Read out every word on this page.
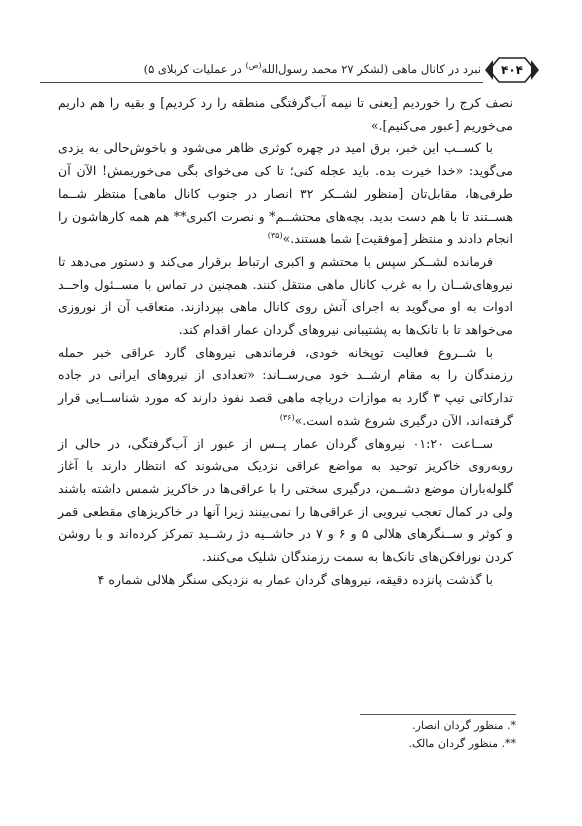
نبرد در کانال ماهی (لشکر ۲۷ محمد رسول‌الله$^{(ص)}$ در عملیات کربلای ۵)	۴۰۴

نصف کرج را خوردیم [یعنی تا نیمه آب‌گرفتگی منطقه را رد کردیم] و بقیه را هم داریم می‌خوریم [عبور می‌کنیم].»

با کســب این خبر، برق امید در چهره کوثری ظاهر می‌شود و باخوش‌حالی به یزدی می‌گوید: «خدا خیرت بده. باید عجله کنی؛ تا کی می‌خوای بگی می‌خوریمش! الآن آن طرفی‌ها، مقابل‌تان [منظور لشــکر ۳۲ انصار در جنوب کانال ماهی] منتظر شــما هســتند تا با هم دست بدید. بچه‌های محتشــم* و نصرت اکبری** هم همه کارهاشون را انجام دادند و منتظر [موفقیت] شما هستند.»$^{(۳۵)}$

فرمانده لشــکر سپس با محتشم و اکبری ارتباط برقرار می‌کند و دستور می‌دهد تا نیروهای‌شــان را به غرب کانال ماهی منتقل کنند. همچنین در تماس با مســئول واحــد ادوات به او می‌گوید به اجرای آتش روی کانال ماهی بپردازند. متعاقب آن از نوروزی می‌خواهد تا با تانک‌ها به پشتیبانی نیروهای گردان عمار اقدام کند.

با شــروع فعالیت توپخانه خودی، فرماندهی نیروهای گارد عراقی خبر حمله رزمندگان را به مقام ارشــد خود می‌رســاند: «تعدادی از نیروهای ایرانی در جاده تدارکاتی تیپ ۳ گارد به موازات دریاچه ماهی قصد نفوذ دارند که مورد شناســایی قرار گرفته‌اند، الآن درگیری شروع شده است.»$^{(۳۶)}$

ســاعت ۰۱:۲۰ نیروهای گردان عمار پــس از عبور از آب‌گرفتگی، در حالی از روبه‌روی خاکریز توحید به مواضع عراقی نزدیک می‌شوند که انتظار دارند با آغاز گلوله‌باران موضع دشــمن، درگیری سختی را با عراقی‌ها در خاکریز شمس داشته باشند ولی در کمال تعجب نیرویی از عراقی‌ها را نمی‌بینند زیرا آنها در خاکریزهای مقطعی قمر و کوثر و ســنگرهای هلالی ۵ و ۶ و ۷ در حاشــیه دژ رشــید تمرکز کرده‌اند و با روشن کردن نورافکن‌های تانک‌ها به سمت رزمندگان شلیک می‌کنند.

با گذشت پانزده دقیقه، نیروهای گردان عمار به نزدیکی سنگر هلالی شماره ۴

*. منظور گردان انصار.
**. منظور گردان مالک.
